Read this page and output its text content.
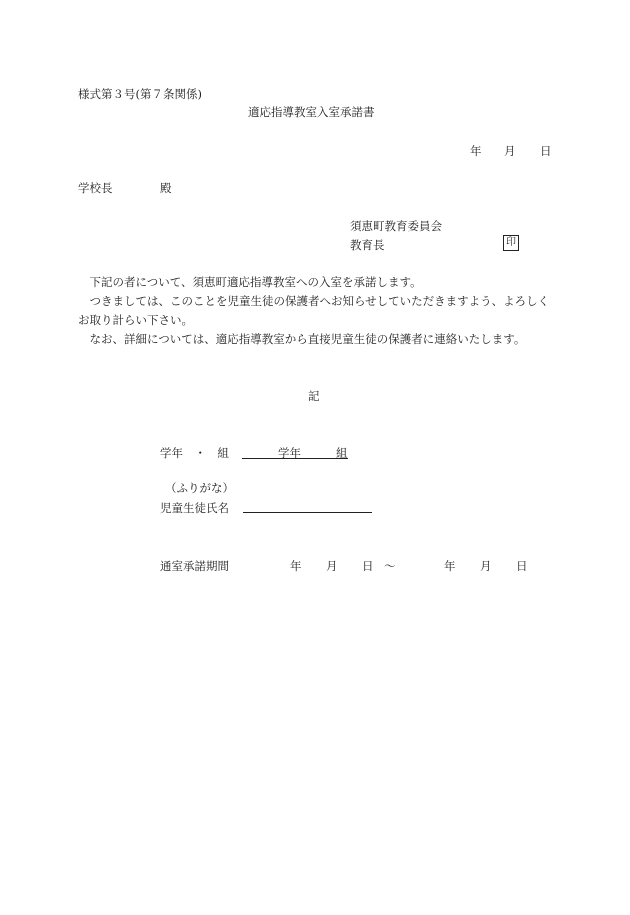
様式第３号(第７条関係)
適応指導教室入室承諾書
年 月 日
学校長	殿
須恵町教育委員会
教育長	印

　下記の者について、須恵町適応指導教室への入室を承諾します。

　つきましては、このことを児童生徒の保護者へお知らせしていただきますよう、よろしくお取り計らい下さい。

　なお、詳細については、適応指導教室から直接児童生徒の保護者に連絡いたします。

記
学年　・　組	学年	組
（ふりがな）
児童生徒氏名
通室承諾期間	年 月 日 ～	年 月 日
